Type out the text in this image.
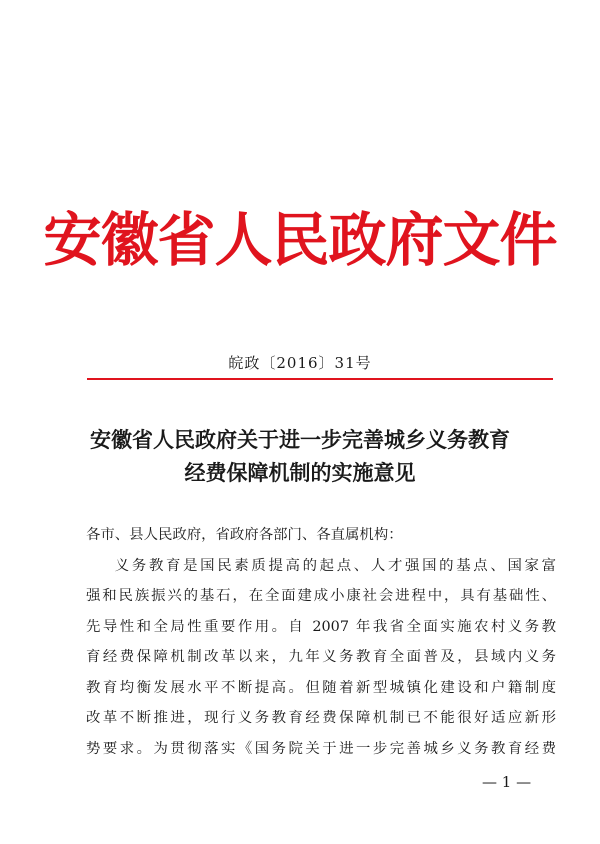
安徽省人民政府文件
皖政〔2016〕31号
安徽省人民政府关于进一步完善城乡义务教育
经费保障机制的实施意见

各市、县人民政府，省政府各部门、各直属机构：

义务教育是国民素质提高的起点、人才强国的基点、国家富

强和民族振兴的基石，在全面建成小康社会进程中，具有基础性、

先导性和全局性重要作用。自 2007 年我省全面实施农村义务教

育经费保障机制改革以来，九年义务教育全面普及，县域内义务

教育均衡发展水平不断提高。但随着新型城镇化建设和户籍制度

改革不断推进，现行义务教育经费保障机制已不能很好适应新形

势要求。为贯彻落实《国务院关于进一步完善城乡义务教育经费

— 1 —
